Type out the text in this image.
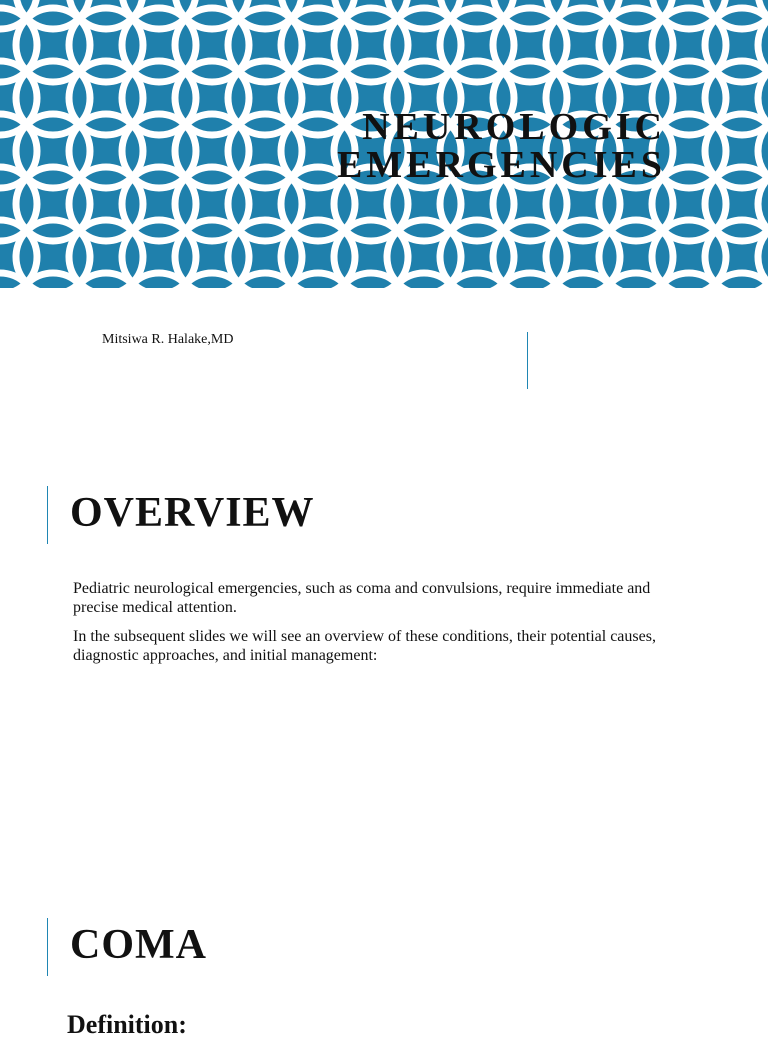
NEUROLOGIC
EMERGENCIES
Mitsiwa R. Halake,MD
OVERVIEW

Pediatric neurological emergencies, such as coma and convulsions, require immediate and precise medical attention.

In the subsequent slides we will see an overview of these conditions, their potential causes, diagnostic approaches, and initial management:

COMA
Definition:
